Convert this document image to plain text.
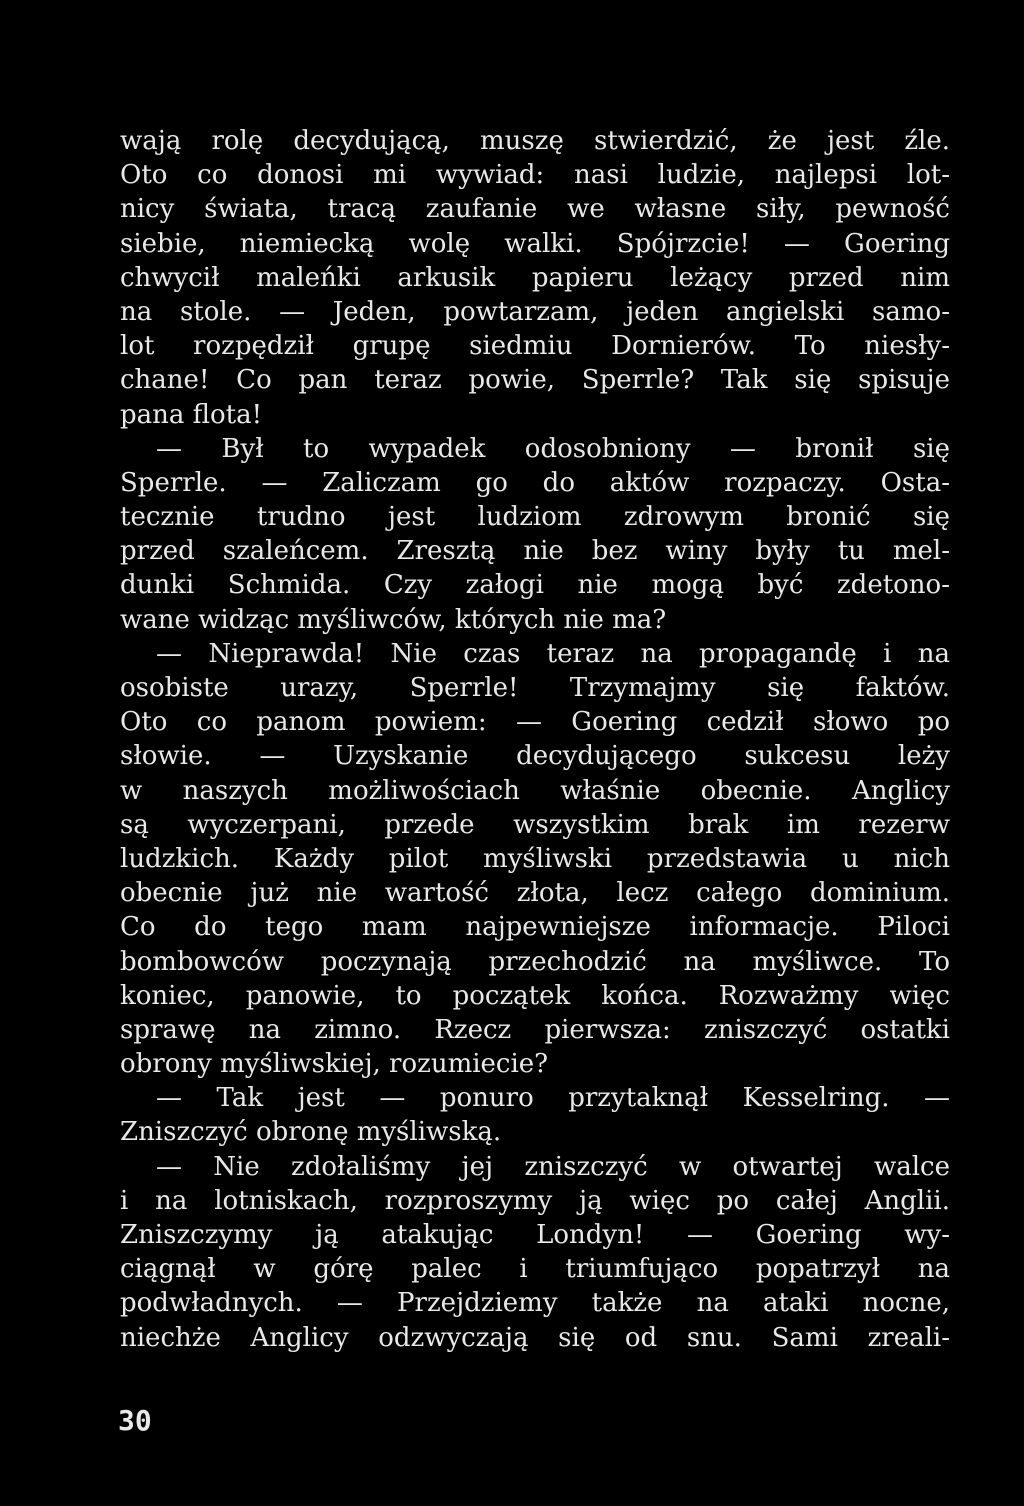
wają rolę decydującą, muszę stwierdzić, że jest źle.
Oto co donosi mi wywiad: nasi ludzie, najlepsi lot-
nicy świata, tracą zaufanie we własne siły, pewność
siebie, niemiecką wolę walki. Spójrzcie! — Goering
chwycił maleńki arkusik papieru leżący przed nim
na stole. — Jeden, powtarzam, jeden angielski samo-
lot rozpędził grupę siedmiu Dornierów. To niesły-
chane! Co pan teraz powie, Sperrle? Tak się spisuje
pana flota!
— Był to wypadek odosobniony — bronił się
Sperrle. — Zaliczam go do aktów rozpaczy. Osta-
tecznie trudno jest ludziom zdrowym bronić się
przed szaleńcem. Zresztą nie bez winy były tu mel-
dunki Schmida. Czy załogi nie mogą być zdetono-
wane widząc myśliwców, których nie ma?
— Nieprawda! Nie czas teraz na propagandę i na
osobiste urazy, Sperrle! Trzymajmy się faktów.
Oto co panom powiem: — Goering cedził słowo po
słowie. — Uzyskanie decydującego sukcesu leży
w naszych możliwościach właśnie obecnie. Anglicy
są wyczerpani, przede wszystkim brak im rezerw
ludzkich. Każdy pilot myśliwski przedstawia u nich
obecnie już nie wartość złota, lecz całego dominium.
Co do tego mam najpewniejsze informacje. Piloci
bombowców poczynają przechodzić na myśliwce. To
koniec, panowie, to początek końca. Rozważmy więc
sprawę na zimno. Rzecz pierwsza: zniszczyć ostatki
obrony myśliwskiej, rozumiecie?
— Tak jest — ponuro przytaknął Kesselring. —
Zniszczyć obronę myśliwską.
— Nie zdołaliśmy jej zniszczyć w otwartej walce
i na lotniskach, rozproszymy ją więc po całej Anglii.
Zniszczymy ją atakując Londyn! — Goering wy-
ciągnął w górę palec i triumfująco popatrzył na
podwładnych. — Przejdziemy także na ataki nocne,
niechże Anglicy odzwyczają się od snu. Sami zreali-
30
